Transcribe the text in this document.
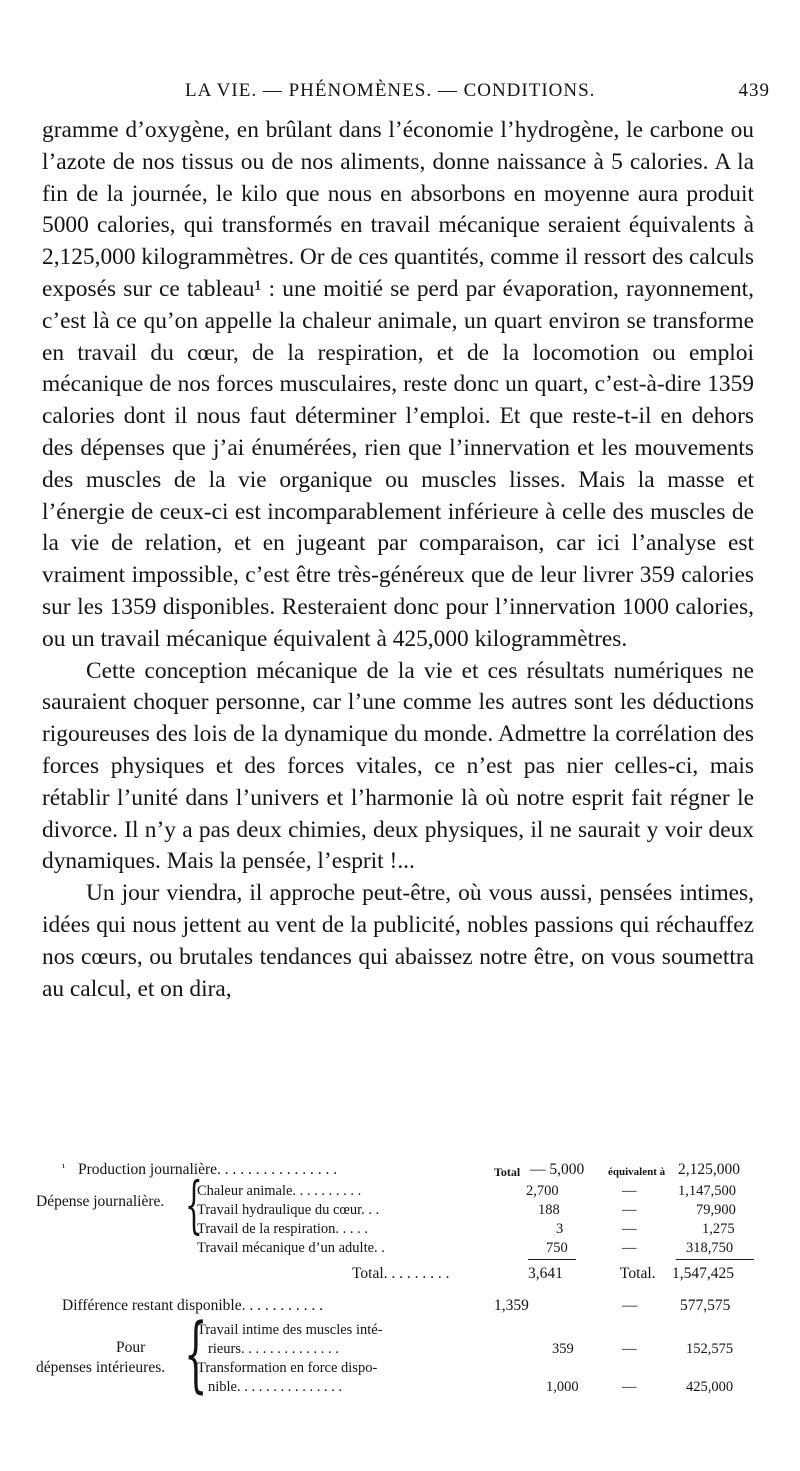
LA VIE. — PHÉNOMÈNES. — CONDITIONS.	439

gramme d’oxygène, en brûlant dans l’économie l’hydrogène, le carbone ou l’azote de nos tissus ou de nos aliments, donne naissance à 5 calories. A la fin de la journée, le kilo que nous en absorbons en moyenne aura produit 5000 calories, qui transformés en travail mécanique seraient équivalents à 2,125,000 kilogrammètres. Or de ces quantités, comme il ressort des calculs exposés sur ce tableau¹ : une moitié se perd par évaporation, rayonnement, c’est là ce qu’on appelle la chaleur animale, un quart environ se transforme en travail du cœur, de la respiration, et de la locomotion ou emploi mécanique de nos forces musculaires, reste donc un quart, c’est-à-dire 1359 calories dont il nous faut déterminer l’emploi. Et que reste-t-il en dehors des dépenses que j’ai énumérées, rien que l’innervation et les mouvements des muscles de la vie organique ou muscles lisses. Mais la masse et l’énergie de ceux-ci est incomparablement inférieure à celle des muscles de la vie de relation, et en jugeant par comparaison, car ici l’analyse est vraiment impossible, c’est être très-généreux que de leur livrer 359 calories sur les 1359 disponibles. Resteraient donc pour l’innervation 1000 calories, ou un travail mécanique équivalent à 425,000 kilogrammètres.

Cette conception mécanique de la vie et ces résultats numériques ne sauraient choquer personne, car l’une comme les autres sont les déductions rigoureuses des lois de la dynamique du monde. Admettre la corrélation des forces physiques et des forces vitales, ce n’est pas nier celles-ci, mais rétablir l’unité dans l’univers et l’harmonie là où notre esprit fait régner le divorce. Il n’y a pas deux chimies, deux physiques, il ne saurait y voir deux dynamiques. Mais la pensée, l’esprit !...

Un jour viendra, il approche peut-être, où vous aussi, pensées intimes, idées qui nous jettent au vent de la publicité, nobles passions qui réchauffez nos cœurs, ou brutales tendances qui abaissez notre être, on vous soumettra au calcul, et on dira,

¹ Production journalière. . . . . . . . . . . . . . . .	Total — 5,000 équivalent à 2,125,000
{
Dépense journalière.
Chaleur animale. . . . . . . . . .	2,700	—	1,147,500
Travail hydraulique du cœur. . .	188	—	79,900
Travail de la respiration. . . . .	3	—	1,275
Travail mécanique d’un adulte. .	750	—	318,750
Total. . . . . . . . .	3,641	Total. 1,547,425
Différence restant disponible. . . . . . . . . . .	1,359	—	577,575
{
Pour
dépenses intérieures.
Travail intime des muscles inté-
rieurs. . . . . . . . . . . . . .	359	—	152,575
Transformation en force dispo-
nible. . . . . . . . . . . . . . .	1,000	—	425,000
